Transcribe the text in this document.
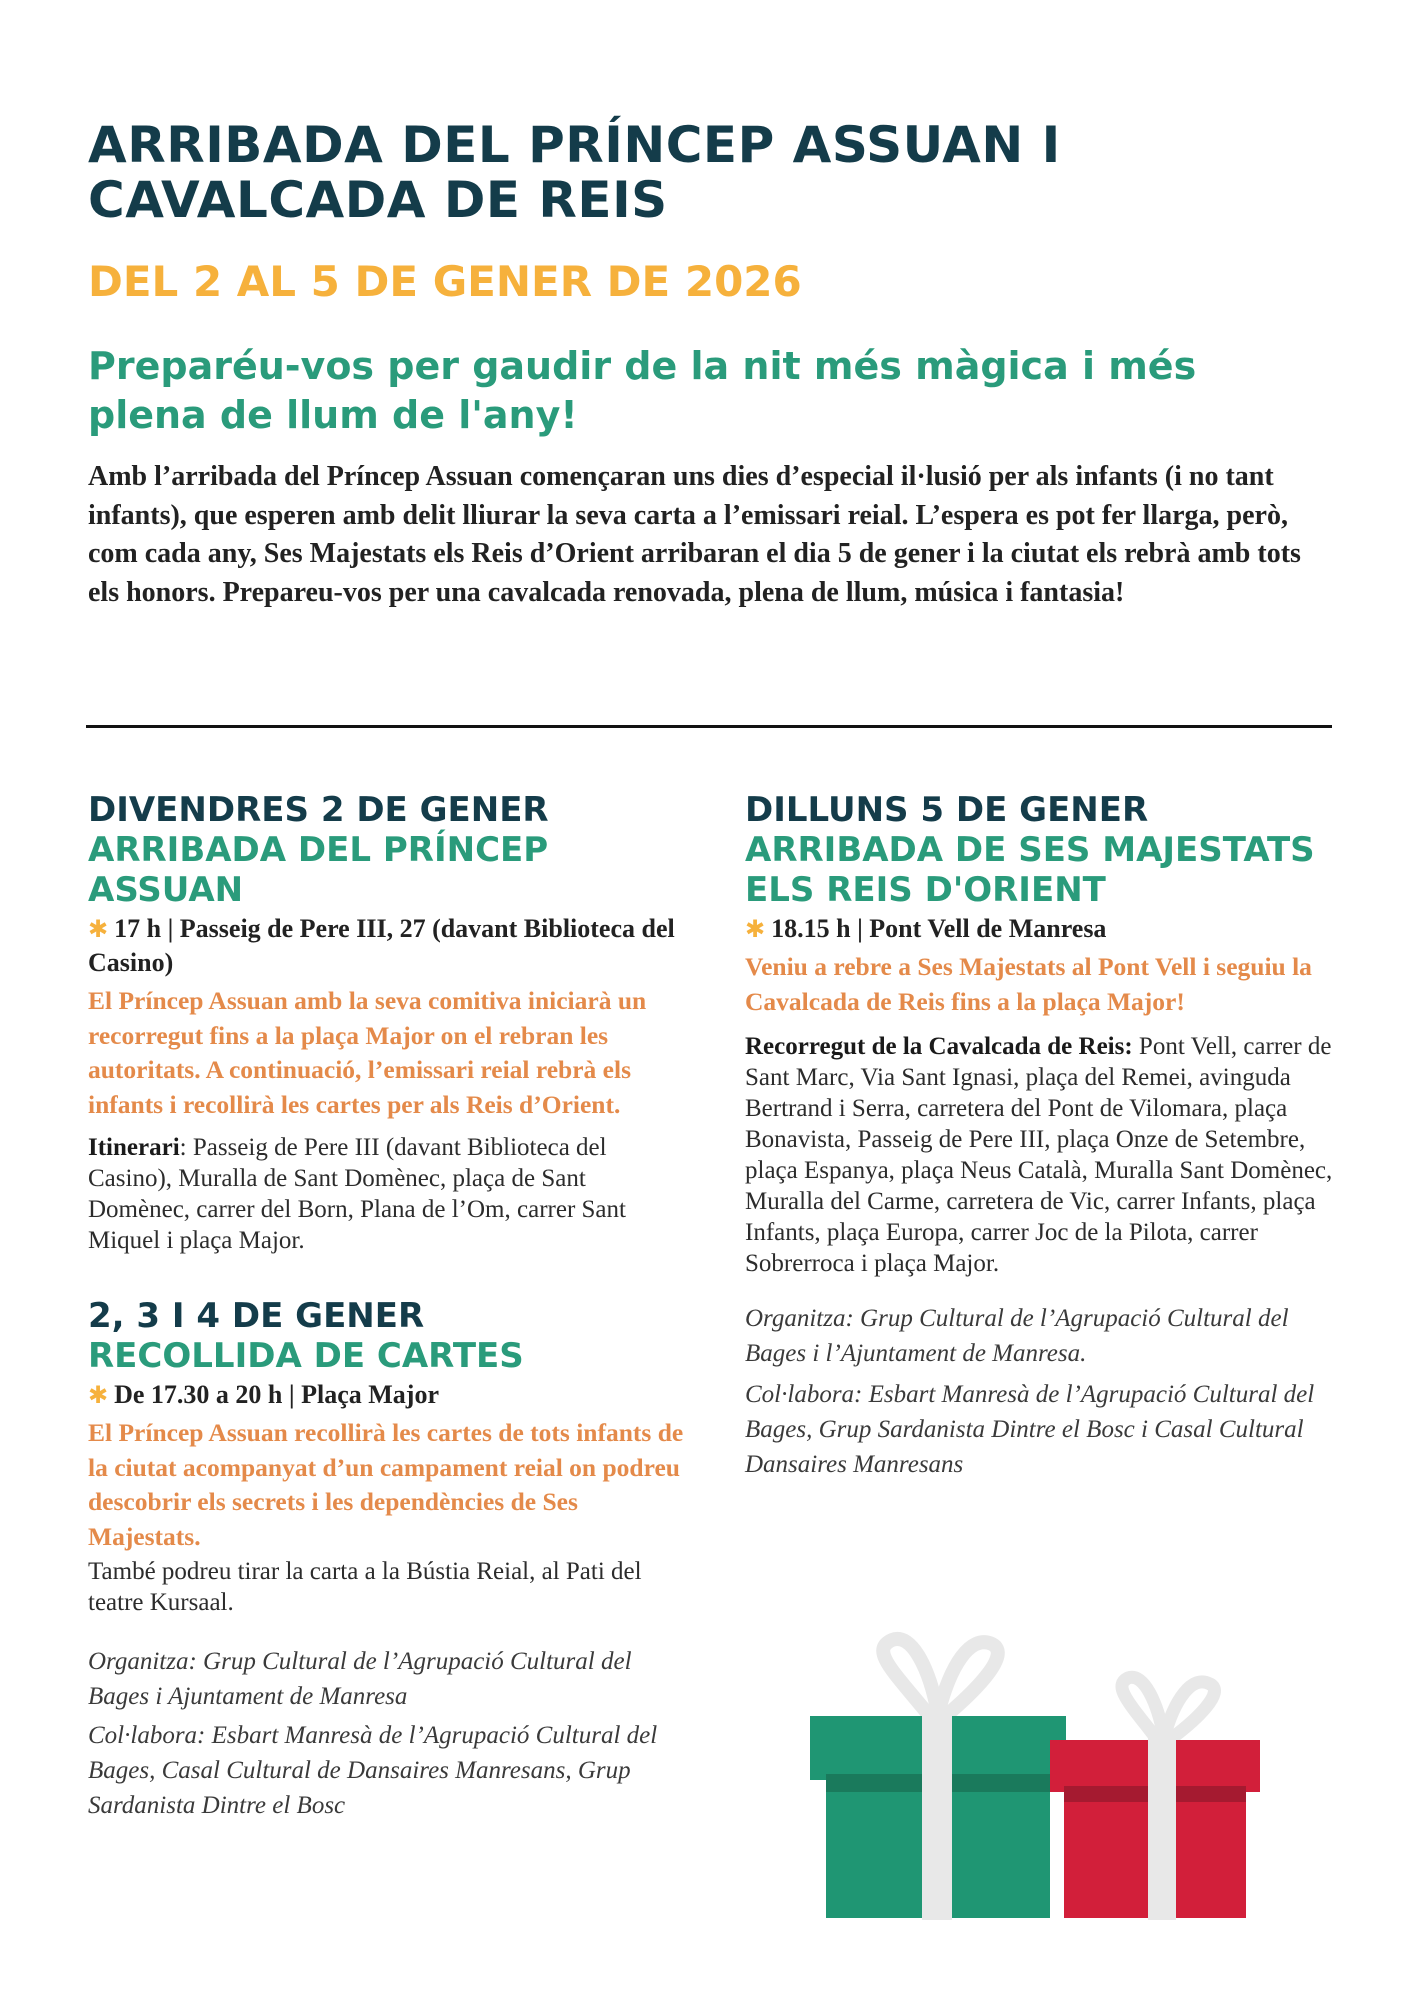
ARRIBADA DEL PRÍNCEP ASSUAN I
CAVALCADA DE REIS

DEL 2 AL 5 DE GENER DE 2026

Preparéu-vos per gaudir de la nit més màgica i més plena de llum de l'any!

Amb l’arribada del Príncep Assuan començaran uns dies d’especial il·lusió per als infants (i no tant infants), que esperen amb delit lliurar la seva carta a l’emissari reial. L’espera es pot fer llarga, però, com cada any, Ses Majestats els Reis d’Orient arribaran el dia 5 de gener i la ciutat els rebrà amb tots els honors. Prepareu-vos per una cavalcada renovada, plena de llum, música i fantasia!

DIVENDRES 2 DE GENER
ARRIBADA DEL PRÍNCEP
ASSUAN

✱ 17 h | Passeig de Pere III, 27 (davant Biblioteca del Casino)

El Príncep Assuan amb la seva comitiva iniciarà un recorregut fins a la plaça Major on el rebran les autoritats. A continuació, l’emissari reial rebrà els infants i recollirà les cartes per als Reis d’Orient.

Itinerari: Passeig de Pere III (davant Biblioteca del Casino), Muralla de Sant Domènec, plaça de Sant Domènec, carrer del Born, Plana de l’Om, carrer Sant Miquel i plaça Major.

2, 3 I 4 DE GENER
RECOLLIDA DE CARTES

✱ De 17.30 a 20 h | Plaça Major

El Príncep Assuan recollirà les cartes de tots infants de la ciutat acompanyat d’un campament reial on podreu descobrir els secrets i les dependències de Ses Majestats.

També podreu tirar la carta a la Bústia Reial, al Pati del teatre Kursaal.

Organitza: Grup Cultural de l’Agrupació Cultural del Bages i Ajuntament de Manresa

Col·labora: Esbart Manresà de l’Agrupació Cultural del Bages, Casal Cultural de Dansaires Manresans, Grup Sardanista Dintre el Bosc

DILLUNS 5 DE GENER
ARRIBADA DE SES MAJESTATS
ELS REIS D'ORIENT

✱ 18.15 h | Pont Vell de Manresa

Veniu a rebre a Ses Majestats al Pont Vell i seguiu la Cavalcada de Reis fins a la plaça Major!

Recorregut de la Cavalcada de Reis: Pont Vell, carrer de Sant Marc, Via Sant Ignasi, plaça del Remei, avinguda Bertrand i Serra, carretera del Pont de Vilomara, plaça Bonavista, Passeig de Pere III, plaça Onze de Setembre, plaça Espanya, plaça Neus Català, Muralla Sant Domènec, Muralla del Carme, carretera de Vic, carrer Infants, plaça Infants, plaça Europa, carrer Joc de la Pilota, carrer Sobrerroca i plaça Major.

Organitza: Grup Cultural de l’Agrupació Cultural del Bages i l’Ajuntament de Manresa.

Col·labora: Esbart Manresà de l’Agrupació Cultural del Bages, Grup Sardanista Dintre el Bosc i Casal Cultural Dansaires Manresans
